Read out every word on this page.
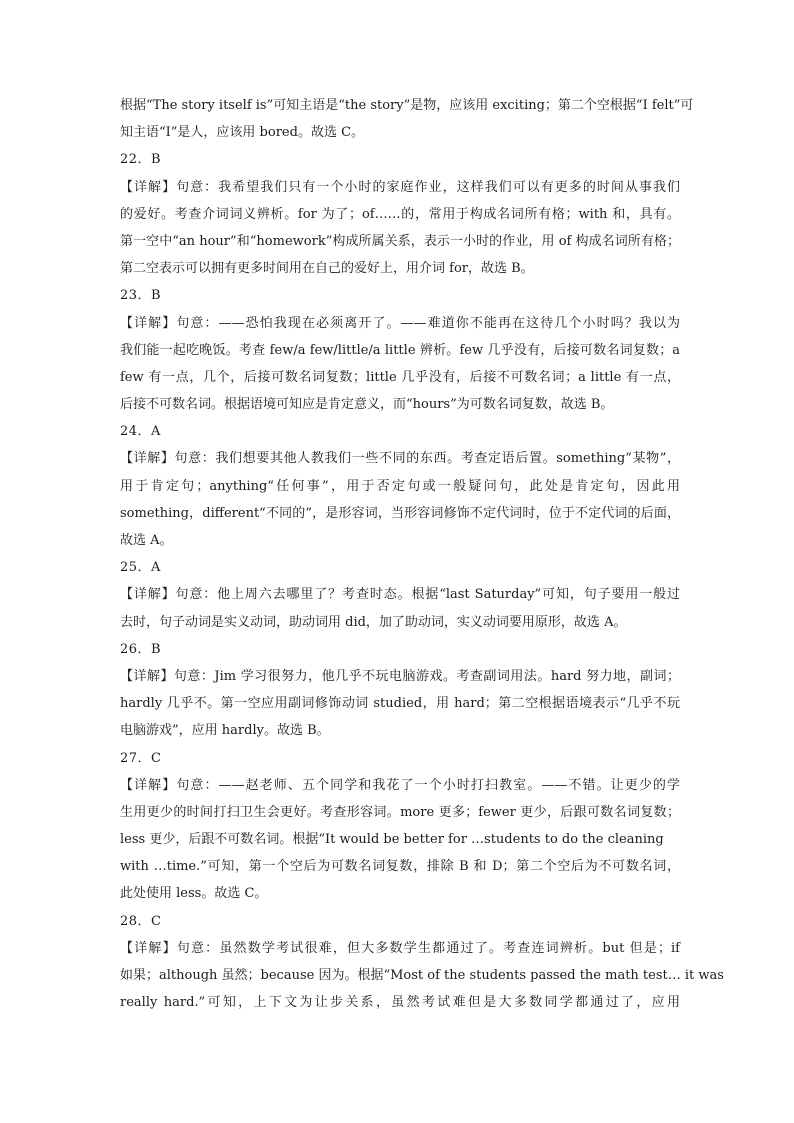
根据“The story itself is”可知主语是“the story”是物，应该用 exciting；第二个空根据“I felt”可
知主语“I”是人，应该用 bored。故选 C。
22．B
【详解】句意：我希望我们只有一个小时的家庭作业，这样我们可以有更多的时间从事我们
的爱好。考查介词词义辨析。for 为了；of……的，常用于构成名词所有格；with 和，具有。
第一空中“an hour”和“homework”构成所属关系，表示一小时的作业，用 of 构成名词所有格；
第二空表示可以拥有更多时间用在自己的爱好上，用介词 for，故选 B。
23．B
【详解】句意：——恐怕我现在必须离开了。——难道你不能再在这待几个小时吗？我以为
我们能一起吃晚饭。考查 few/a few/little/a little 辨析。few 几乎没有，后接可数名词复数；a
few 有一点，几个，后接可数名词复数；little 几乎没有，后接不可数名词；a little 有一点，
后接不可数名词。根据语境可知应是肯定意义，而“hours”为可数名词复数，故选 B。
24．A
【详解】句意：我们想要其他人教我们一些不同的东西。考查定语后置。something“某物”，
用于肯定句；anything“任何事”，用于否定句或一般疑问句，此处是肯定句，因此用
something，different“不同的”，是形容词，当形容词修饰不定代词时，位于不定代词的后面，
故选 A。
25．A
【详解】句意：他上周六去哪里了？考查时态。根据“last Saturday”可知，句子要用一般过
去时，句子动词是实义动词，助动词用 did，加了助动词，实义动词要用原形，故选 A。
26．B
【详解】句意：Jim 学习很努力，他几乎不玩电脑游戏。考查副词用法。hard 努力地，副词；
hardly 几乎不。第一空应用副词修饰动词 studied，用 hard；第二空根据语境表示“几乎不玩
电脑游戏”，应用 hardly。故选 B。
27．C
【详解】句意：——赵老师、五个同学和我花了一个小时打扫教室。——不错。让更少的学
生用更少的时间打扫卫生会更好。考查形容词。more 更多；fewer 更少，后跟可数名词复数；
less 更少，后跟不可数名词。根据“It would be better for …students to do the cleaning
with …time.”可知，第一个空后为可数名词复数，排除 B 和 D；第二个空后为不可数名词，
此处使用 less。故选 C。
28．C
【详解】句意：虽然数学考试很难，但大多数学生都通过了。考查连词辨析。but 但是；if
如果；although 虽然；because 因为。根据“Most of the students passed the math test… it was
really hard.”可知，上下文为让步关系，虽然考试难但是大多数同学都通过了，应用
